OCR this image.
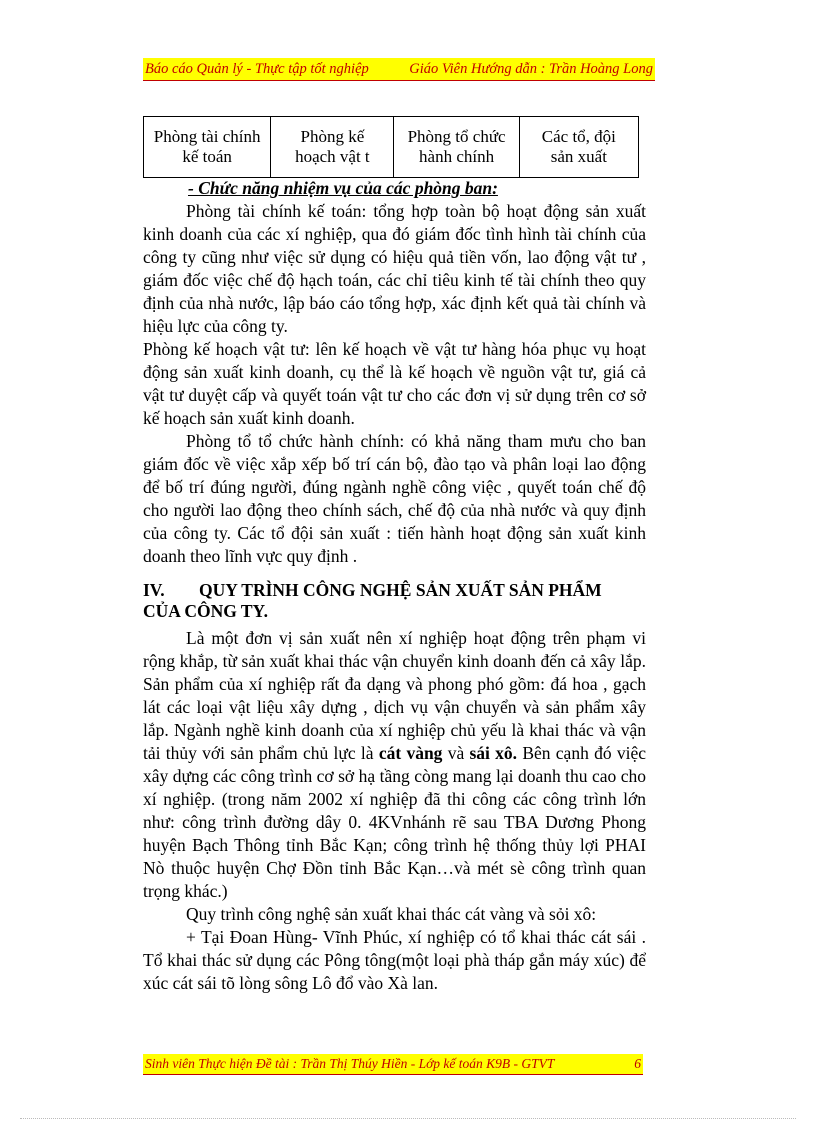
Báo cáo Quản lý - Thực tập tốt nghiệp	Giáo Viên Hướng dẫn : Trần Hoàng Long
Phòng tài chính kế toán
Phòng kế hoạch vật t
Phòng tổ chức hành chính
Các tổ, đội sản xuất
- Chức năng nhiệm vụ của các phòng ban:

Phòng tài chính kế toán: tổng hợp toàn bộ hoạt động sản xuất kinh doanh của các xí nghiệp, qua đó giám đốc tình hình tài chính của công ty cũng như việc sử dụng có hiệu quả tiền vốn, lao động vật tư , giám đốc việc chế độ hạch toán, các chỉ tiêu kinh tế tài chính theo quy định của nhà nước, lập báo cáo tổng hợp, xác định kết quả tài chính và hiệu lực của công ty.

Phòng kế hoạch vật tư: lên kế hoạch về vật tư hàng hóa phục vụ hoạt động sản xuất kinh doanh, cụ thể là kế hoạch về nguồn vật tư, giá cả vật tư duyệt cấp và quyết toán vật tư cho các đơn vị sử dụng trên cơ sở kế hoạch sản xuất kinh doanh.

Phòng tổ tổ chức hành chính: có khả năng tham mưu cho ban giám đốc về việc xắp xếp bố trí cán bộ, đào tạo và phân loại lao động để bố trí đúng người, đúng ngành nghề công việc , quyết toán chế độ cho người lao động theo chính sách, chế độ của nhà nước và quy định của công ty. Các tổ đội sản xuất : tiến hành hoạt động sản xuất kinh doanh theo lĩnh vực quy định .

IV. QUY TRÌNH CÔNG NGHỆ SẢN XUẤT SẢN PHẨM
CỦA CÔNG TY.

Là một đơn vị sản xuất nên xí nghiệp hoạt động trên phạm vi rộng khắp, từ sản xuất khai thác vận chuyển kinh doanh đến cả xây lắp. Sản phẩm của xí nghiệp rất đa dạng và phong phó gồm: đá hoa , gạch lát các loại vật liệu xây dựng , dịch vụ vận chuyển và sản phẩm xây lắp. Ngành nghề kinh doanh của xí nghiệp chủ yếu là khai thác và vận tải thủy với sản phẩm chủ lực là cát vàng và sái xô. Bên cạnh đó việc xây dựng các công trình cơ sở hạ tầng còng mang lại doanh thu cao cho xí nghiệp. (trong năm 2002 xí nghiệp đã thi công các công trình lớn như: công trình đường dây 0. 4KVnhánh rẽ sau TBA Dương Phong huyện Bạch Thông tỉnh Bắc Kạn; công trình hệ thống thủy lợi PHAI Nò thuộc huyện Chợ Đồn tỉnh Bắc Kạn…và mét sè công trình quan trọng khác.)

Quy trình công nghệ sản xuất khai thác cát vàng và sỏi xô:

+ Tại Đoan Hùng- Vĩnh Phúc, xí nghiệp có tổ khai thác cát sái . Tổ khai thác sử dụng các Pông tông(một loại phà tháp gắn máy xúc) để xúc cát sái tõ lòng sông Lô đổ vào Xà lan.

Sinh viên Thực hiện Đề tài : Trần Thị Thúy Hiền - Lớp kế toán K9B - GTVT	6
